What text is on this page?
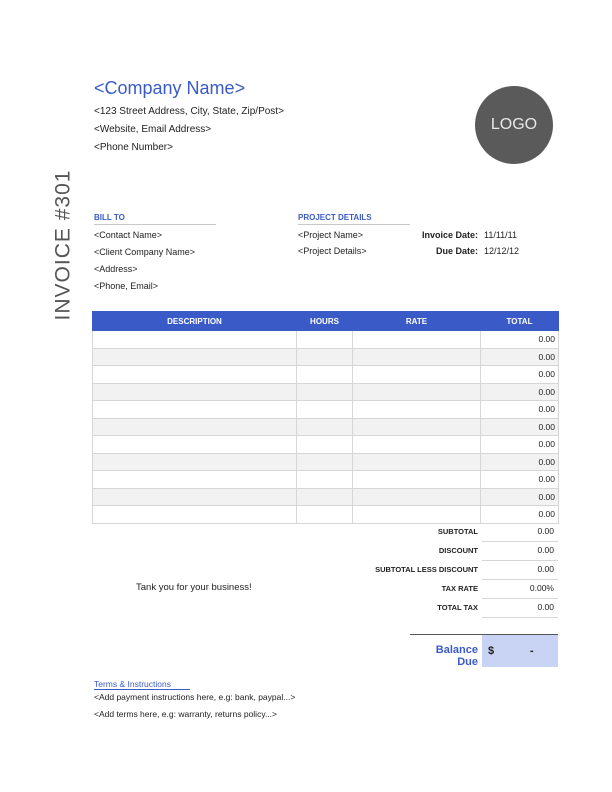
<Company Name>
<123 Street Address, City, State, Zip/Post>
<Website, Email Address>
<Phone Number>
LOGO
INVOICE #301	BILL TO
<Contact Name>
<Client Company Name>
<Address>
<Phone, Email>
PROJECT DETAILS
<Project Name>
<Project Details>
Invoice Date: 11/11/11
Due Date: 12/12/12
DESCRIPTION	HOURS	RATE	TOTAL
			0.00
			0.00
			0.00
			0.00
			0.00
			0.00
			0.00
			0.00
			0.00
			0.00
			0.00
SUBTOTAL	0.00
DISCOUNT	0.00
SUBTOTAL LESS DISCOUNT	0.00
TAX RATE	0.00%
TOTAL TAX	0.00
Tank you for your business!
Balance Due
$	-
Terms & Instructions
<Add payment instructions here, e.g: bank, paypal...>
<Add terms here, e.g: warranty, returns policy...>
